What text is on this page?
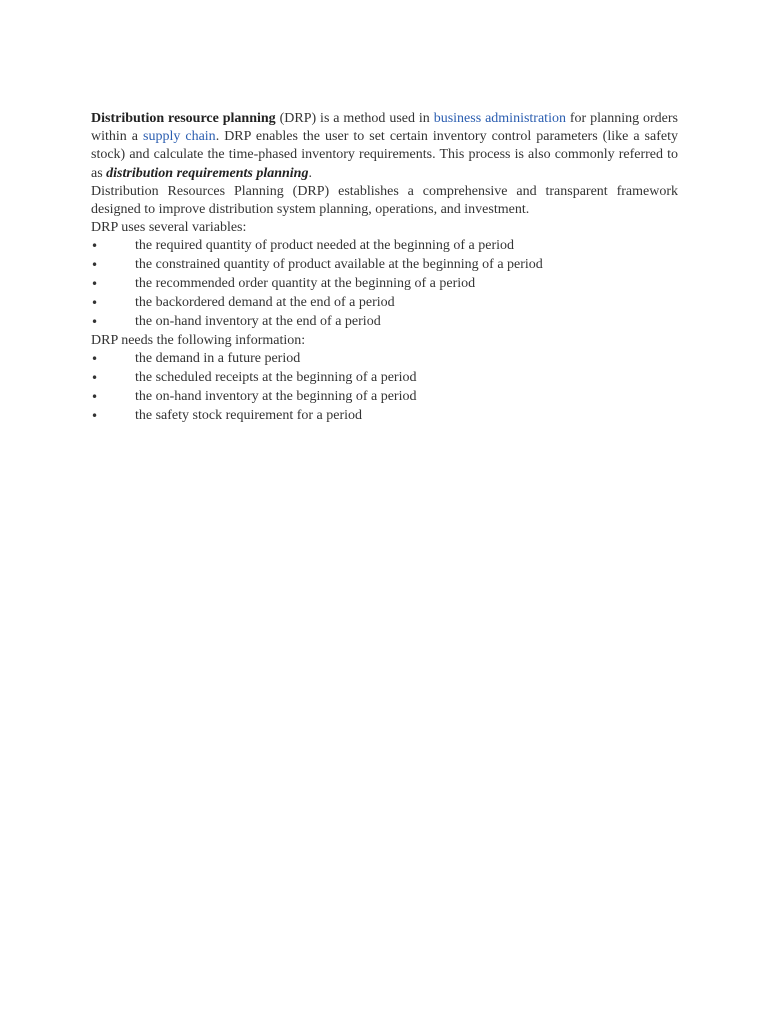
Distribution resource planning (DRP) is a method used in business administration for planning orders within a supply chain. DRP enables the user to set certain inventory control parameters (like a safety stock) and calculate the time-phased inventory requirements. This process is also commonly referred to as distribution requirements planning.

Distribution Resources Planning (DRP) establishes a comprehensive and transparent framework designed to improve distribution system planning, operations, and investment.

DRP uses several variables:

•	the required quantity of product needed at the beginning of a period
•	the constrained quantity of product available at the beginning of a period
•	the recommended order quantity at the beginning of a period
•	the backordered demand at the end of a period
•	the on-hand inventory at the end of a period

DRP needs the following information:

•	the demand in a future period
•	the scheduled receipts at the beginning of a period
•	the on-hand inventory at the beginning of a period
•	the safety stock requirement for a period
